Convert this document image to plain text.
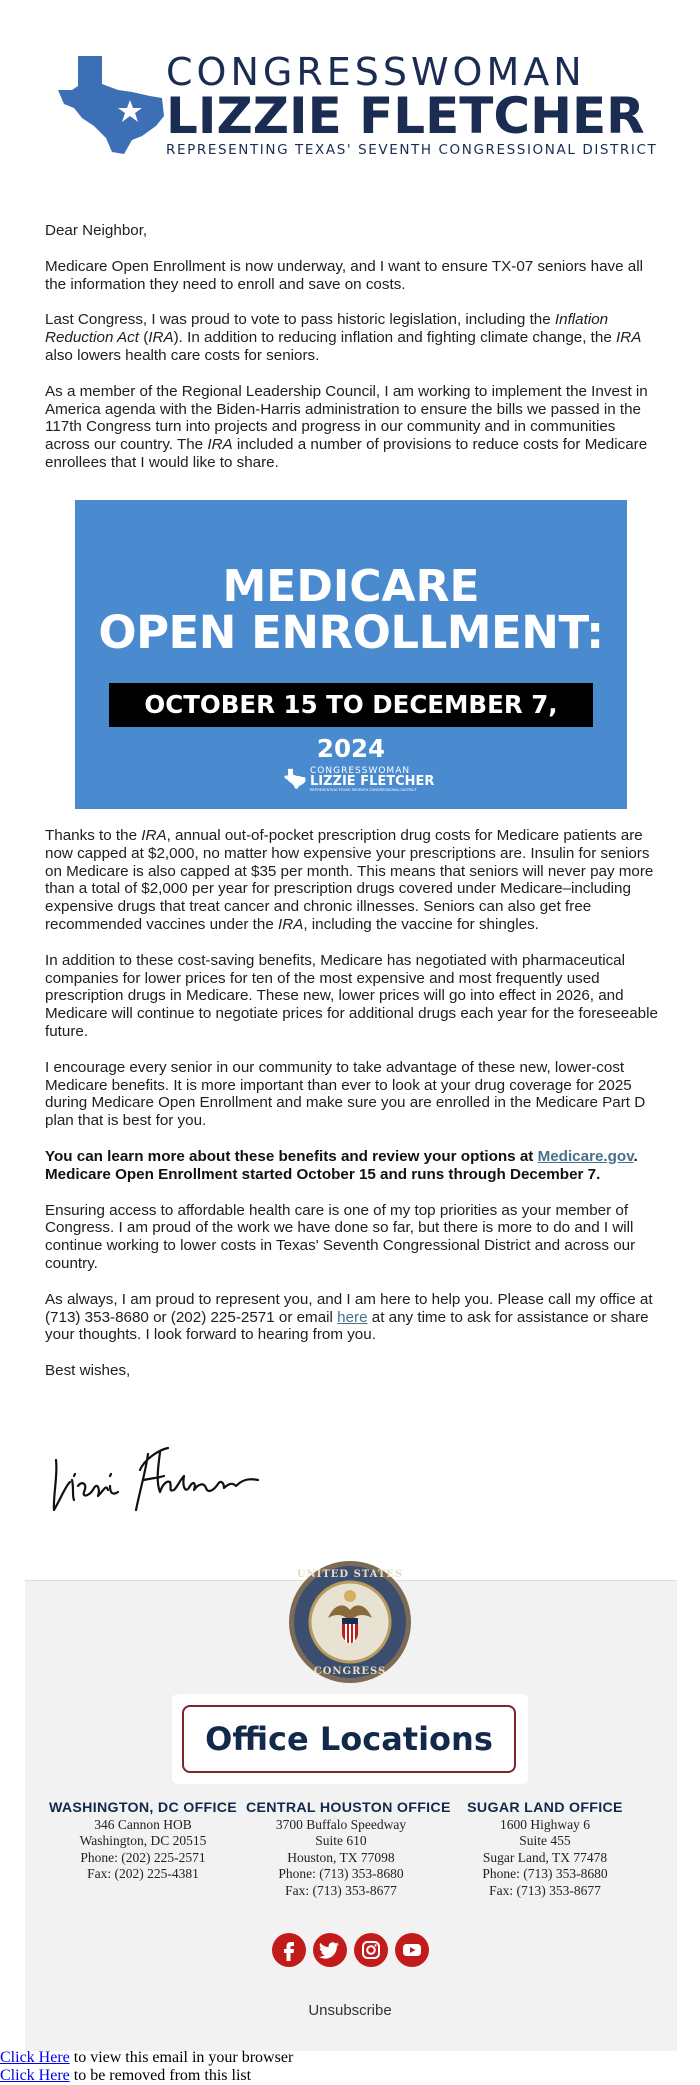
CONGRESSWOMAN
LIZZIE FLETCHER
REPRESENTING TEXAS' SEVENTH CONGRESSIONAL DISTRICT

Dear Neighbor,

Medicare Open Enrollment is now underway, and I want to ensure TX-07 seniors have all the information they need to enroll and save on costs.

Last Congress, I was proud to vote to pass historic legislation, including the Inflation Reduction Act (IRA). In addition to reducing inflation and fighting climate change, the IRA also lowers health care costs for seniors.

As a member of the Regional Leadership Council, I am working to implement the Invest in America agenda with the Biden-Harris administration to ensure the bills we passed in the 117th Congress turn into projects and progress in our community and in communities across our country. The IRA included a number of provisions to reduce costs for Medicare enrollees that I would like to share.

MEDICARE
OPEN ENROLLMENT:
OCTOBER 15 TO DECEMBER 7, 2024
CONGRESSWOMAN
LIZZIE FLETCHER
REPRESENTING TEXAS' SEVENTH CONGRESSIONAL DISTRICT

Thanks to the IRA, annual out-of-pocket prescription drug costs for Medicare patients are now capped at $2,000, no matter how expensive your prescriptions are. Insulin for seniors on Medicare is also capped at $35 per month. This means that seniors will never pay more than a total of $2,000 per year for prescription drugs covered under Medicare–including expensive drugs that treat cancer and chronic illnesses. Seniors can also get free recommended vaccines under the IRA, including the vaccine for shingles.

In addition to these cost-saving benefits, Medicare has negotiated with pharmaceutical companies for lower prices for ten of the most expensive and most frequently used prescription drugs in Medicare. These new, lower prices will go into effect in 2026, and Medicare will continue to negotiate prices for additional drugs each year for the foreseeable future.

I encourage every senior in our community to take advantage of these new, lower-cost Medicare benefits. It is more important than ever to look at your drug coverage for 2025 during Medicare Open Enrollment and make sure you are enrolled in the Medicare Part D plan that is best for you.

You can learn more about these benefits and review your options at Medicare.gov. Medicare Open Enrollment started October 15 and runs through December 7.

Ensuring access to affordable health care is one of my top priorities as your member of Congress. I am proud of the work we have done so far, but there is more to do and I will continue working to lower costs in Texas' Seventh Congressional District and across our country.

As always, I am proud to represent you, and I am here to help you. Please call my office at (713) 353-8680 or (202) 225-2571 or email here at any time to ask for assistance or share your thoughts. I look forward to hearing from you.

Best wishes,

UNITED STATES
CONGRESS
Office Locations
WASHINGTON, DC OFFICE
346 Cannon HOB
Washington, DC 20515
Phone: (202) 225-2571
Fax: (202) 225-4381
CENTRAL HOUSTON OFFICE
3700 Buffalo Speedway
Suite 610
Houston, TX 77098
Phone: (713) 353-8680
Fax: (713) 353-8677
SUGAR LAND OFFICE
1600 Highway 6
Suite 455
Sugar Land, TX 77478
Phone: (713) 353-8680
Fax: (713) 353-8677
Unsubscribe
Click Here to view this email in your browser
Click Here to be removed from this list
